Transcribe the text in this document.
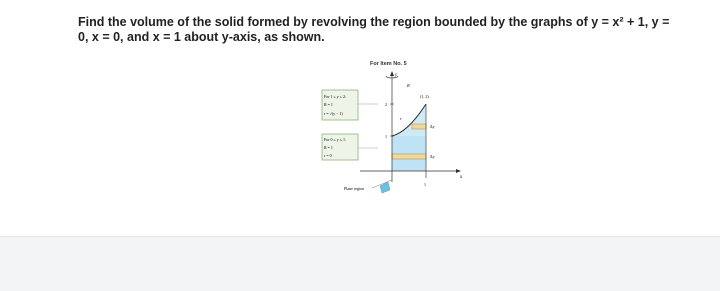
Find the volume of the solid formed by revolving the region bounded by the graphs of y = x² + 1, y =
0, x = 0, and x = 1 about y-axis, as shown.
For Item No. 5
y
x
R
(1, 2)
r
Δy
Δy
2
1
1
For 1 ≤ y ≤ 2:
R = 1
r = √(y − 1)
For 0 ≤ y ≤ 1:
R = 1
r = 0
Plane region
